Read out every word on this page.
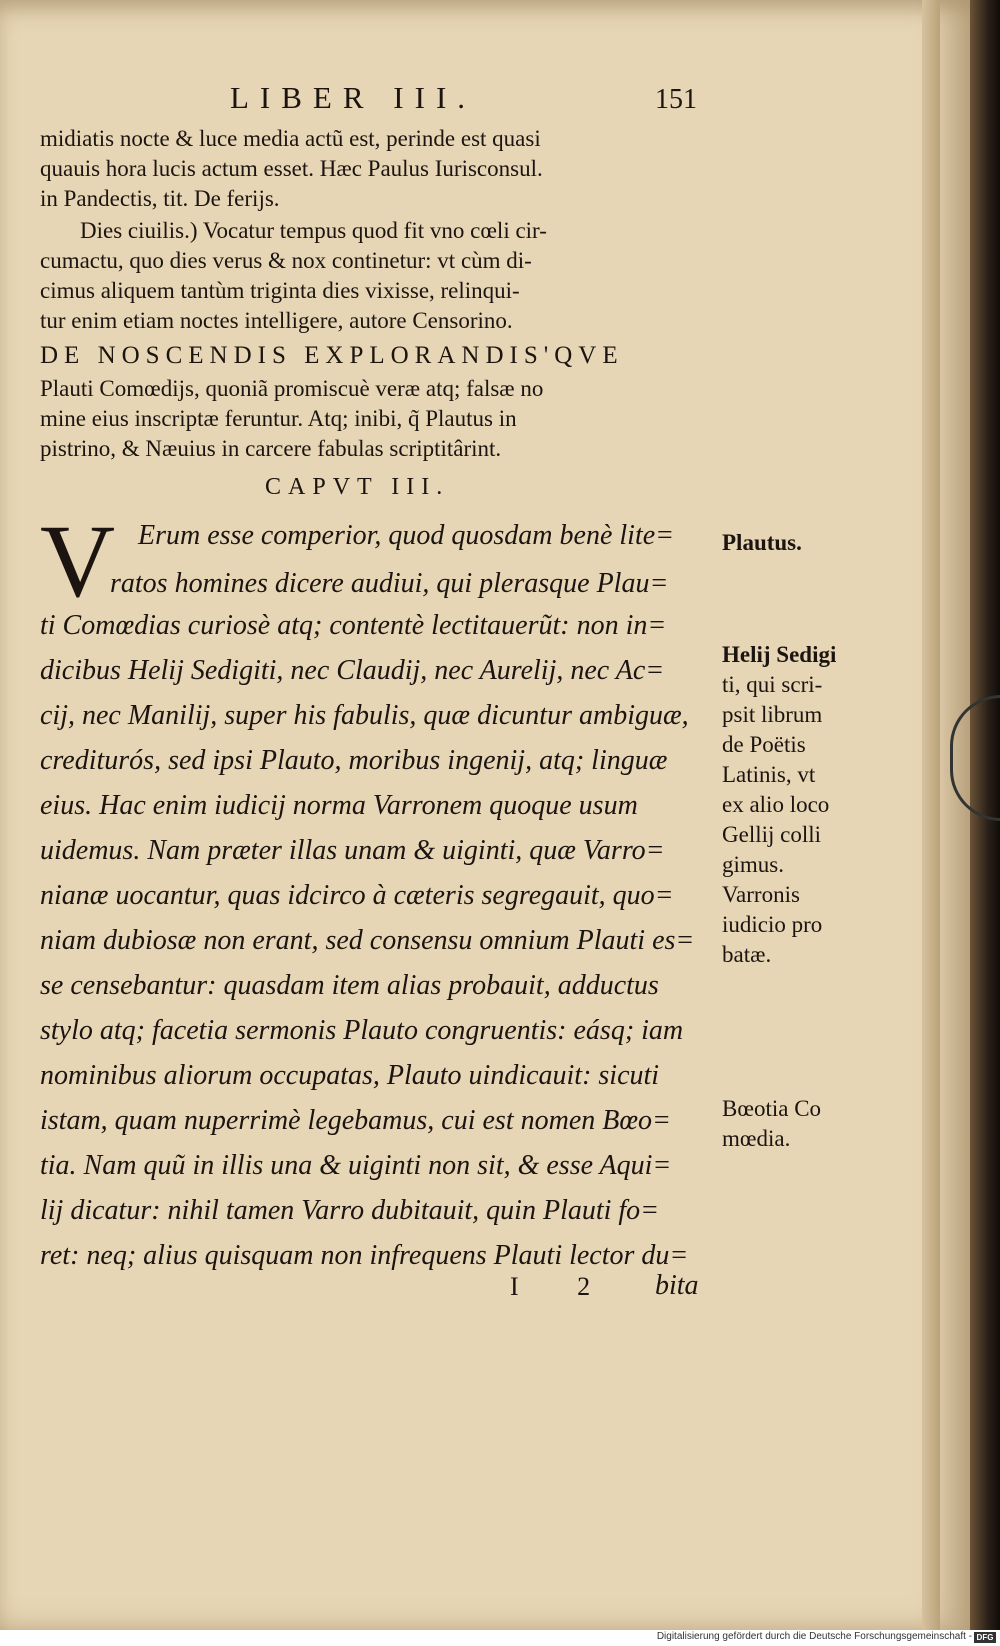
LIBER III.	151
midiatis nocte & luce media actũ est, perinde est quasi
quauis hora lucis actum esset. Hæc Paulus Iurisconsul.
in Pandectis, tit. De ferijs.
Dies ciuilis.) Vocatur tempus quod fit vno cœli cir-
cumactu, quo dies verus & nox continetur: vt cùm di-
cimus aliquem tantùm triginta dies vixisse, relinqui-
tur enim etiam noctes intelligere, autore Censorino.
DE NOSCENDIS EXPLORANDIS'QVE
Plauti Comœdijs, quoniã promiscuè veræ atq; falsæ no
mine eius inscriptæ feruntur. Atq; inibi, q̃ Plautus in
pistrino, & Næuius in carcere fabulas scriptitârint.
CAPVT III.
V Erum esse comperior, quod quosdam benè lite=
ratos homines dicere audiui, qui plerasque Plau=
ti Comœdias curiosè atq; contentè lectitauerũt: non in=
dicibus Helij Sedigiti, nec Claudij, nec Aurelij, nec Ac=
cij, nec Manilij, super his fabulis, quæ dicuntur ambiguæ,
crediturós, sed ipsi Plauto, moribus ingenij, atq; linguæ
eius. Hac enim iudicij norma Varronem quoque usum
uidemus. Nam præter illas unam & uiginti, quæ Varro=
nianæ uocantur, quas idcirco à cæteris segregauit, quo=
niam dubiosæ non erant, sed consensu omnium Plauti es=
se censebantur: quasdam item alias probauit, adductus
stylo atq; facetia sermonis Plauto congruentis: eásq; iam
nominibus aliorum occupatas, Plauto uindicauit: sicuti
istam, quam nuperrimè legebamus, cui est nomen Bœo=
tia. Nam quũ in illis una & uiginti non sit, & esse Aqui=
lij dicatur: nihil tamen Varro dubitauit, quin Plauti fo=
ret: neq; alius quisquam non infrequens Plauti lector du=
Plautus.
Helij Sedigi
ti, qui scri-
psit librum
de Poëtis
Latinis, vt
ex alio loco
Gellij colli
gimus.
Varronis
iudicio pro
batæ.
Bœotia Co
mœdia.
I 2 bita
Digitalisierung gefördert durch die Deutsche Forschungsgemeinschaft - DFG
